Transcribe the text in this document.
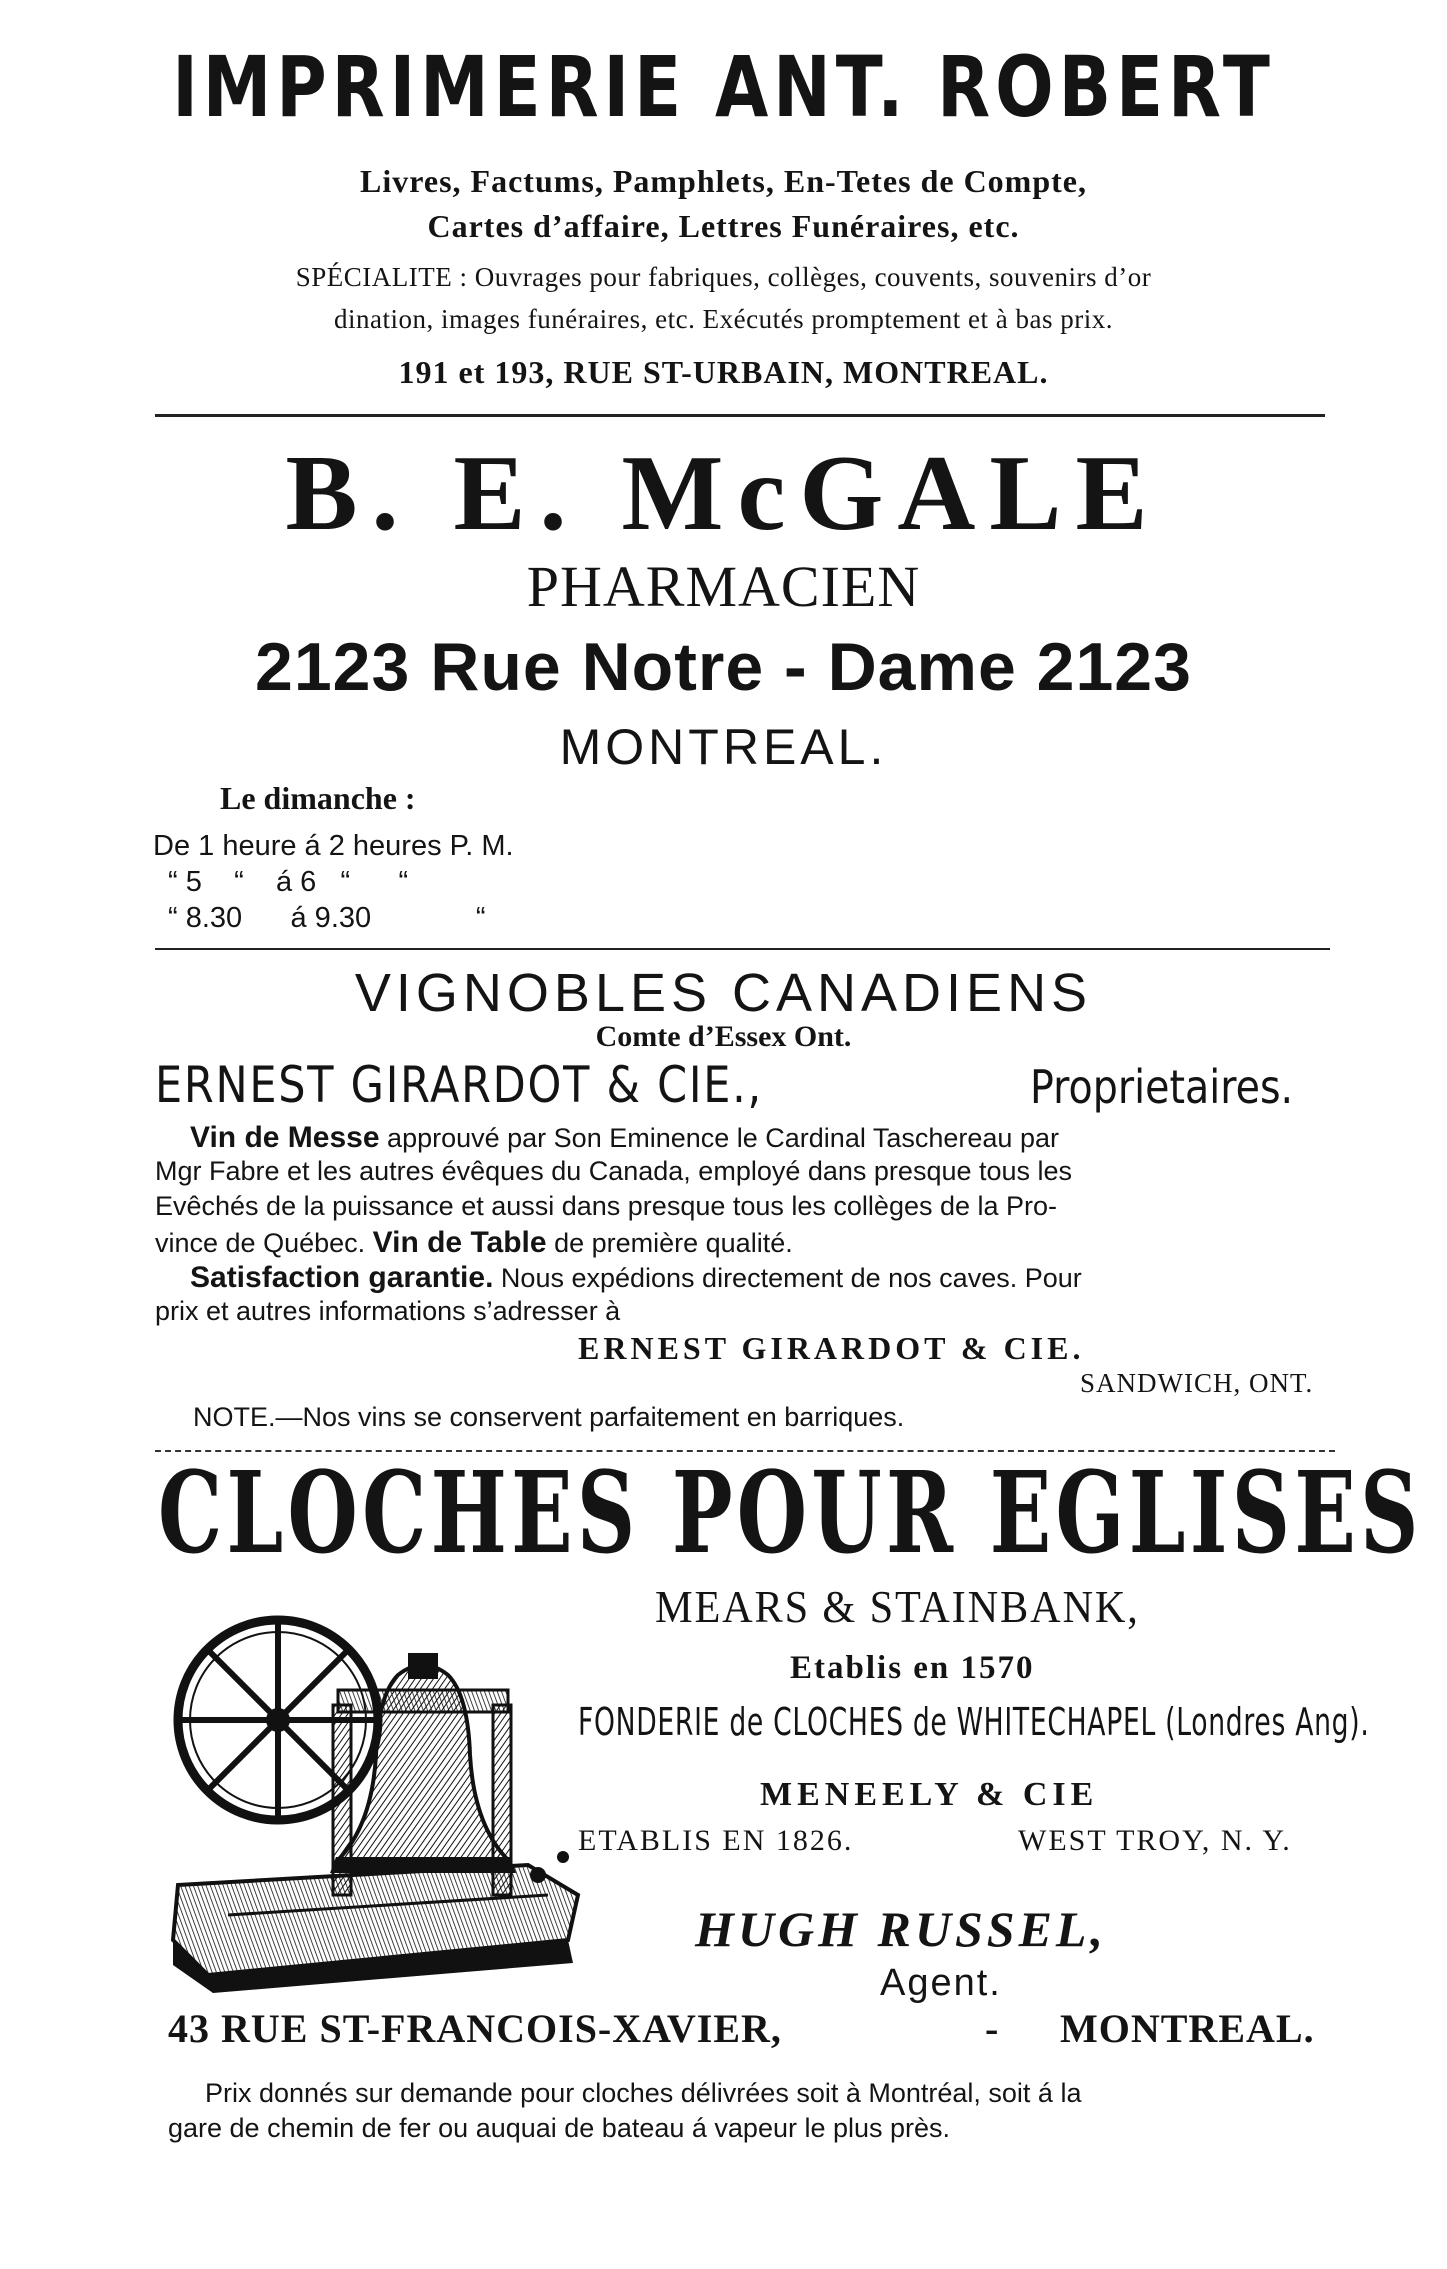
IMPRIMERIE ANT. ROBERT
Livres, Factums, Pamphlets, En-Tetes de Compte,
Cartes d’affaire, Lettres Funéraires, etc.
SPÉCIALITE : Ouvrages pour fabriques, collèges, couvents, souvenirs d’or
dination, images funéraires, etc. Exécutés promptement et à bas prix.
191 et 193, RUE ST-URBAIN, MONTREAL.
B. E. McGALE
PHARMACIEN
2123 Rue Notre - Dame 2123
MONTREAL.
Le dimanche :
De 1 heure á 2 heures P. M.
“ 5    “    á 6   “      “
“ 8.30      á 9.30             “
VIGNOBLES CANADIENS
Comte d’Essex Ont.
ERNEST GIRARDOT & CIE.,	Proprietaires.
Vin de Messe approuvé par Son Eminence le Cardinal Taschereau par
Mgr Fabre et les autres évêques du Canada, employé dans presque tous les
Evêchés de la puissance et aussi dans presque tous les collèges de la Pro-
vince de Québec. Vin de Table de première qualité.
Satisfaction garantie. Nous expédions directement de nos caves. Pour
prix et autres informations s’adresser à
ERNEST GIRARDOT & CIE.
SANDWICH, ONT.
NOTE.—Nos vins se conservent parfaitement en barriques.
CLOCHES POUR EGLISES
MEARS & STAINBANK,
Etablis en 1570
FONDERIE de CLOCHES de WHITECHAPEL (Londres Ang).
MENEELY & CIE
ETABLIS EN 1826.	WEST TROY, N. Y.
HUGH RUSSEL,
Agent.
43 RUE ST-FRANCOIS-XAVIER,	- MONTREAL.
Prix donnés sur demande pour cloches délivrées soit à Montréal, soit á la
gare de chemin de fer ou auquai de bateau á vapeur le plus près.
